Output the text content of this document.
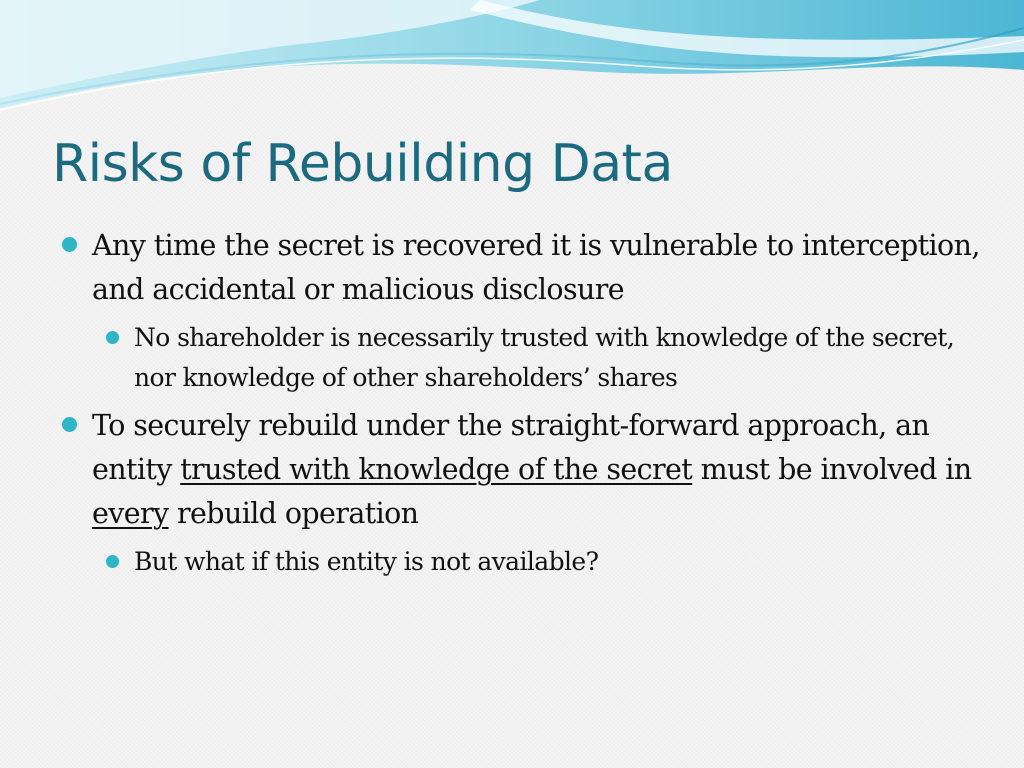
Risks of Rebuilding Data

Any time the secret is recovered it is vulnerable to interception, and accidental or malicious disclosure

No shareholder is necessarily trusted with knowledge of the secret, nor knowledge of other shareholders’ shares

To securely rebuild under the straight-forward approach, an entity trusted with knowledge of the secret must be involved in every rebuild operation

But what if this entity is not available?
